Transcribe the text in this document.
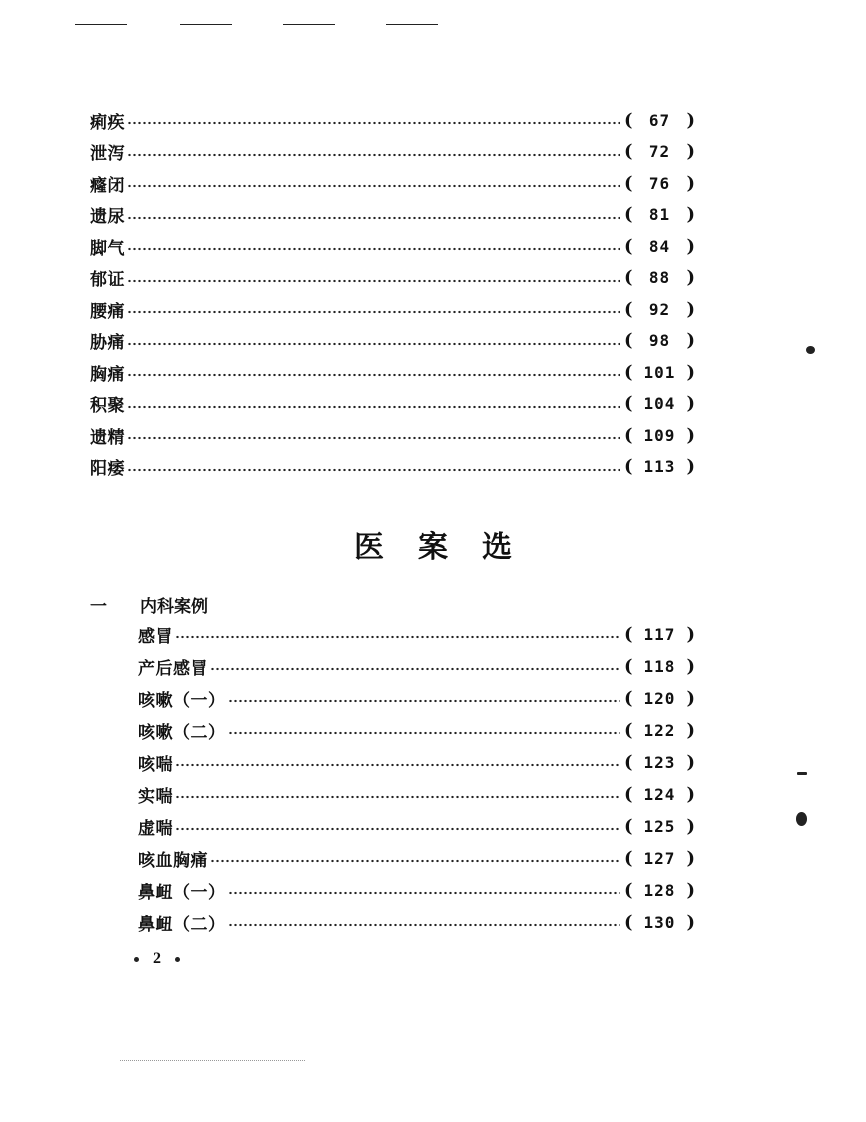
痢疾	(	67 )
泄泻	(	72 )
癃闭	(	76 )
遗尿	(	81 )
脚气	(	84 )
郁证	(	88 )
腰痛	(	92 )
胁痛	(	98 )
胸痛	( 101 )
积聚	( 104 )
遗精	( 109 )
阳痿	( 113 )
医案选
一 内科案例
感冒	( 117 )
产后感冒	( 118 )
咳嗽（一）	( 120 )
咳嗽（二）	( 122 )
咳喘	( 123 )
实喘	( 124 )
虚喘	( 125 )
咳血胸痛	( 127 )
鼻衄（一）	( 128 )
鼻衄（二）	( 130 )
2
